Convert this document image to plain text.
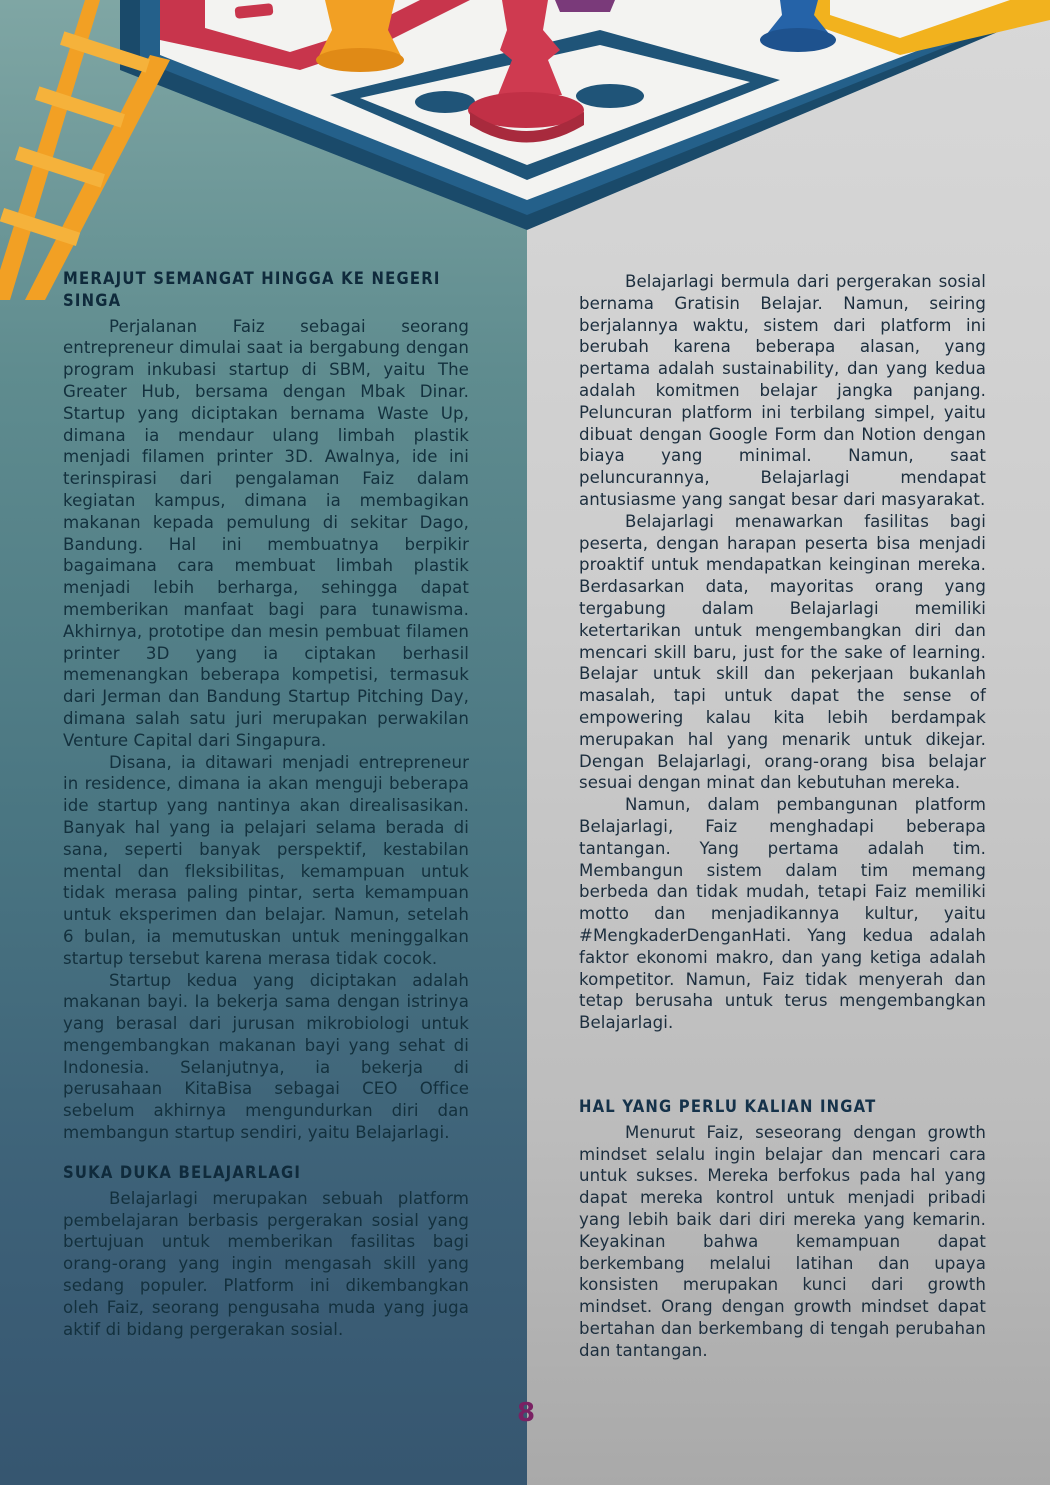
MERAJUT SEMANGAT HINGGA KE NEGERI SINGA

Perjalanan Faiz sebagai seorang entrepreneur dimulai saat ia bergabung dengan program inkubasi startup di SBM, yaitu The Greater Hub, bersama dengan Mbak Dinar. Startup yang diciptakan bernama Waste Up, dimana ia mendaur ulang limbah plastik menjadi filamen printer 3D. Awalnya, ide ini terinspirasi dari pengalaman Faiz dalam kegiatan kampus, dimana ia membagikan makanan kepada pemulung di sekitar Dago, Bandung. Hal ini membuatnya berpikir bagaimana cara membuat limbah plastik menjadi lebih berharga, sehingga dapat memberikan manfaat bagi para tunawisma. Akhirnya, prototipe dan mesin pembuat filamen printer 3D yang ia ciptakan berhasil memenangkan beberapa kompetisi, termasuk dari Jerman dan Bandung Startup Pitching Day, dimana salah satu juri merupakan perwakilan Venture Capital dari Singapura.

Disana, ia ditawari menjadi entrepreneur in residence, dimana ia akan menguji beberapa ide startup yang nantinya akan direalisasikan. Banyak hal yang ia pelajari selama berada di sana, seperti banyak perspektif, kestabilan mental dan fleksibilitas, kemampuan untuk tidak merasa paling pintar, serta kemampuan untuk eksperimen dan belajar. Namun, setelah 6 bulan, ia memutuskan untuk meninggalkan startup tersebut karena merasa tidak cocok.

Startup kedua yang diciptakan adalah makanan bayi. Ia bekerja sama dengan istrinya yang berasal dari jurusan mikrobiologi untuk mengembangkan makanan bayi yang sehat di Indonesia. Selanjutnya, ia bekerja di perusahaan KitaBisa sebagai CEO Office sebelum akhirnya mengundurkan diri dan membangun startup sendiri, yaitu Belajarlagi.

SUKA DUKA BELAJARLAGI

Belajarlagi merupakan sebuah platform pembelajaran berbasis pergerakan sosial yang bertujuan untuk memberikan fasilitas bagi orang-orang yang ingin mengasah skill yang sedang populer. Platform ini dikembangkan oleh Faiz, seorang pengusaha muda yang juga aktif di bidang pergerakan sosial.

Belajarlagi bermula dari pergerakan sosial bernama Gratisin Belajar. Namun, seiring berjalannya waktu, sistem dari platform ini berubah karena beberapa alasan, yang pertama adalah sustainability, dan yang kedua adalah komitmen belajar jangka panjang. Peluncuran platform ini terbilang simpel, yaitu dibuat dengan Google Form dan Notion dengan biaya yang minimal. Namun, saat peluncurannya, Belajarlagi mendapat antusiasme yang sangat besar dari masyarakat.

Belajarlagi menawarkan fasilitas bagi peserta, dengan harapan peserta bisa menjadi proaktif untuk mendapatkan keinginan mereka. Berdasarkan data, mayoritas orang yang tergabung dalam Belajarlagi memiliki ketertarikan untuk mengembangkan diri dan mencari skill baru, just for the sake of learning. Belajar untuk skill dan pekerjaan bukanlah masalah, tapi untuk dapat the sense of empowering kalau kita lebih berdampak merupakan hal yang menarik untuk dikejar. Dengan Belajarlagi, orang-orang bisa belajar sesuai dengan minat dan kebutuhan mereka.

Namun, dalam pembangunan platform Belajarlagi, Faiz menghadapi beberapa tantangan. Yang pertama adalah tim. Membangun sistem dalam tim memang berbeda dan tidak mudah, tetapi Faiz memiliki motto dan menjadikannya kultur, yaitu #MengkaderDenganHati. Yang kedua adalah faktor ekonomi makro, dan yang ketiga adalah kompetitor. Namun, Faiz tidak menyerah dan tetap berusaha untuk terus mengembangkan Belajarlagi.

HAL YANG PERLU KALIAN INGAT

Menurut Faiz, seseorang dengan growth mindset selalu ingin belajar dan mencari cara untuk sukses. Mereka berfokus pada hal yang dapat mereka kontrol untuk menjadi pribadi yang lebih baik dari diri mereka yang kemarin. Keyakinan bahwa kemampuan dapat berkembang melalui latihan dan upaya konsisten merupakan kunci dari growth mindset. Orang dengan growth mindset dapat bertahan dan berkembang di tengah perubahan dan tantangan.

8
